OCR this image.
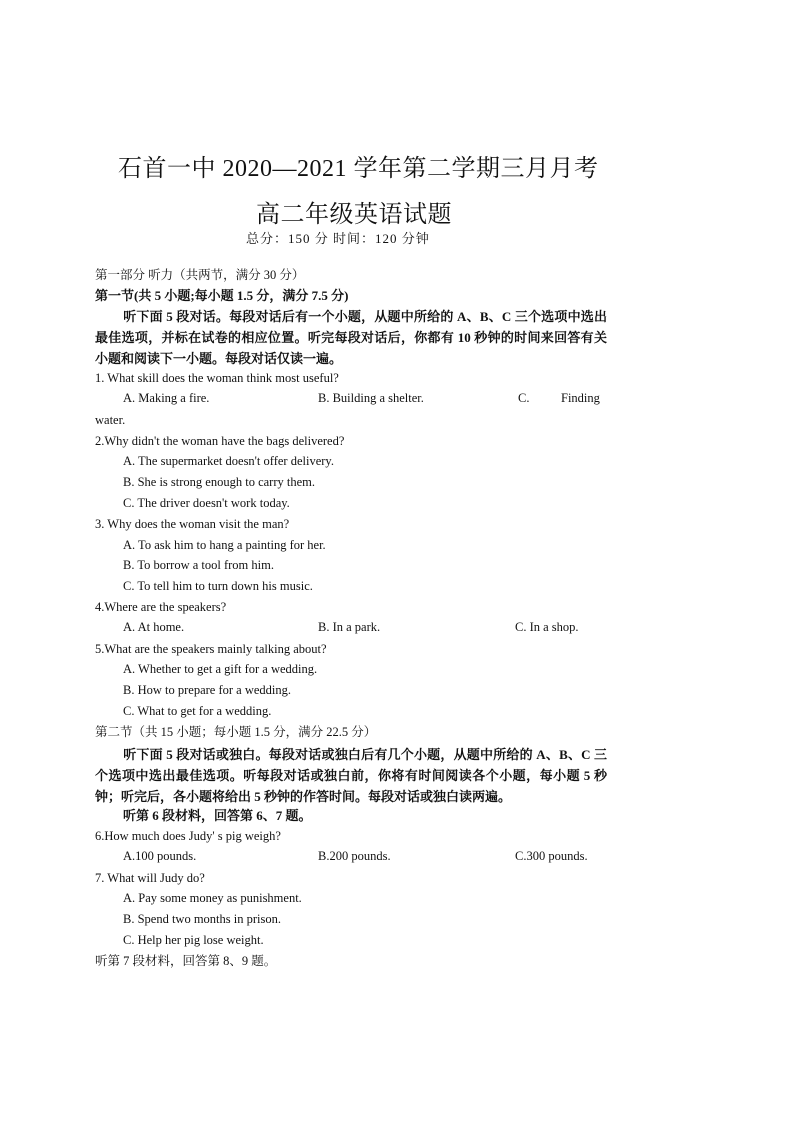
石首一中 2020—2021 学年第二学期三月月考
高二年级英语试题
总分：150 分 时间：120 分钟
第一部分 听力（共两节，满分 30 分）
第一节(共 5 小题;每小题 1.5 分，满分 7.5 分)
听下面 5 段对话。每段对话后有一个小题，从题中所给的 A、B、C 三个选项中选出最佳选项，并标在试卷的相应位置。听完每段对话后，你都有 10 秒钟的时间来回答有关小题和阅读下一小题。每段对话仅读一遍。
1. What skill does the woman think most useful?
A. Making a fire.	B. Building a shelter.	C.	Finding
water.
2.Why didn't the woman have the bags delivered?
A. The supermarket doesn't offer delivery.
B. She is strong enough to carry them.
C. The driver doesn't work today.
3. Why does the woman visit the man?
A. To ask him to hang a painting for her.
B. To borrow a tool from him.
C. To tell him to turn down his music.
4.Where are the speakers?
A. At home.	B. In a park.	C. In a shop.
5.What are the speakers mainly talking about?
A. Whether to get a gift for a wedding.
B. How to prepare for a wedding.
C. What to get for a wedding.
第二节（共 15 小题；每小题 1.5 分，满分 22.5 分）
听下面 5 段对话或独白。每段对话或独白后有几个小题，从题中所给的 A、B、C 三个选项中选出最佳选项。听每段对话或独白前，你将有时间阅读各个小题，每小题 5 秒钟；听完后，各小题将给出 5 秒钟的作答时间。每段对话或独白读两遍。
听第 6 段材料，回答第 6、7 题。
6.How much does Judy' s pig weigh?
A.100 pounds.	B.200 pounds.	C.300 pounds.
7. What will Judy do?
A. Pay some money as punishment.
B. Spend two months in prison.
C. Help her pig lose weight.
听第 7 段材料，回答第 8、9 题。
